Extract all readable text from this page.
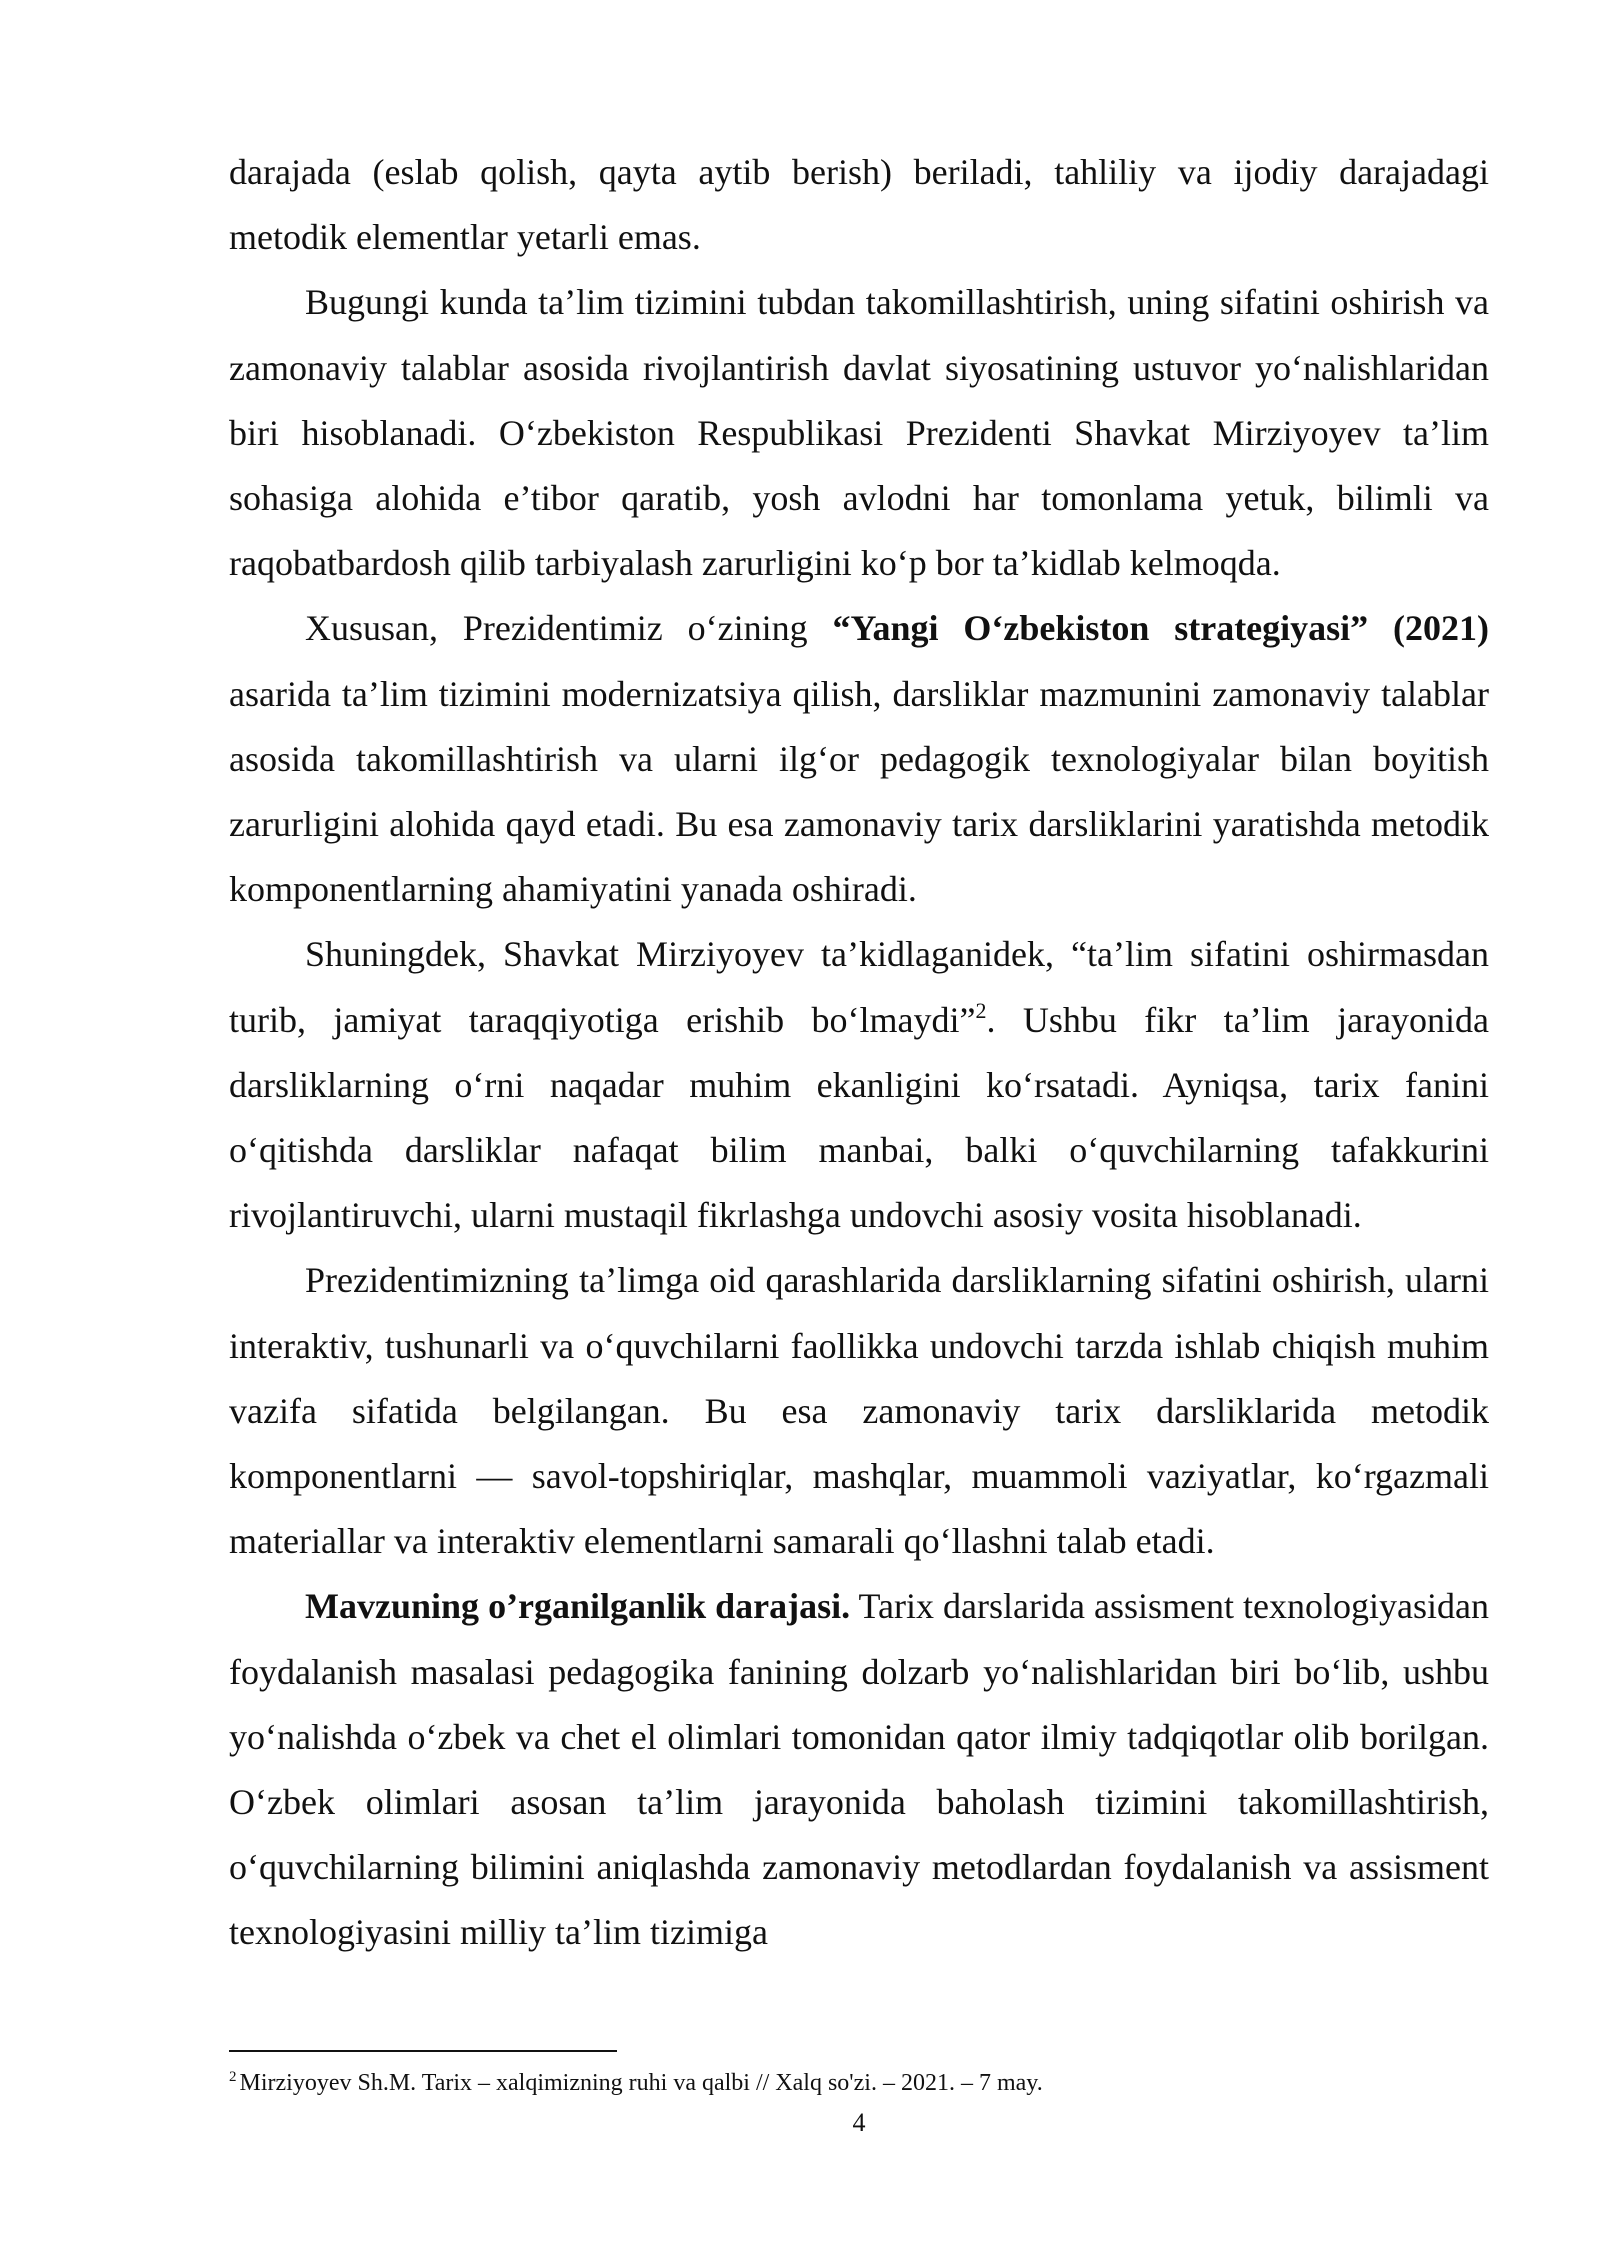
darajada (eslab qolish, qayta aytib berish) beriladi, tahliliy va ijodiy darajadagi metodik elementlar yetarli emas.

Bugungi kunda ta’lim tizimini tubdan takomillashtirish, uning sifatini oshirish va zamonaviy talablar asosida rivojlantirish davlat siyosatining ustuvor yo‘nalishlaridan biri hisoblanadi. O‘zbekiston Respublikasi Prezidenti Shavkat Mirziyoyev ta’lim sohasiga alohida e’tibor qaratib, yosh avlodni har tomonlama yetuk, bilimli va raqobatbardosh qilib tarbiyalash zarurligini ko‘p bor ta’kidlab kelmoqda.

Xususan, Prezidentimiz o‘zining “Yangi O‘zbekiston strategiyasi” (2021) asarida ta’lim tizimini modernizatsiya qilish, darsliklar mazmunini zamonaviy talablar asosida takomillashtirish va ularni ilg‘or pedagogik texnologiyalar bilan boyitish zarurligini alohida qayd etadi. Bu esa zamonaviy tarix darsliklarini yaratishda metodik komponentlarning ahamiyatini yanada oshiradi.

Shuningdek, Shavkat Mirziyoyev ta’kidlaganidek, “ta’lim sifatini oshirmasdan turib, jamiyat taraqqiyotiga erishib bo‘lmaydi”$^2$. Ushbu fikr ta’lim jarayonida darsliklarning o‘rni naqadar muhim ekanligini ko‘rsatadi. Ayniqsa, tarix fanini o‘qitishda darsliklar nafaqat bilim manbai, balki o‘quvchilarning tafakkurini rivojlantiruvchi, ularni mustaqil fikrlashga undovchi asosiy vosita hisoblanadi.

Prezidentimizning ta’limga oid qarashlarida darsliklarning sifatini oshirish, ularni interaktiv, tushunarli va o‘quvchilarni faollikka undovchi tarzda ishlab chiqish muhim vazifa sifatida belgilangan. Bu esa zamonaviy tarix darsliklarida metodik komponentlarni — savol-topshiriqlar, mashqlar, muammoli vaziyatlar, ko‘rgazmali materiallar va interaktiv elementlarni samarali qo‘llashni talab etadi.

Mavzuning o’rganilganlik darajasi. Tarix darslarida assisment texnologiyasidan foydalanish masalasi pedagogika fanining dolzarb yo‘nalishlaridan biri bo‘lib, ushbu yo‘nalishda o‘zbek va chet el olimlari tomonidan qator ilmiy tadqiqotlar olib borilgan. O‘zbek olimlari asosan ta’lim jarayonida baholash tizimini takomillashtirish, o‘quvchilarning bilimini aniqlashda zamonaviy metodlardan foydalanish va assisment texnologiyasini milliy ta’lim tizimiga

$^2$ Mirziyoyev Sh.M. Tarix – xalqimizning ruhi va qalbi // Xalq so'zi. – 2021. – 7 may.
4
